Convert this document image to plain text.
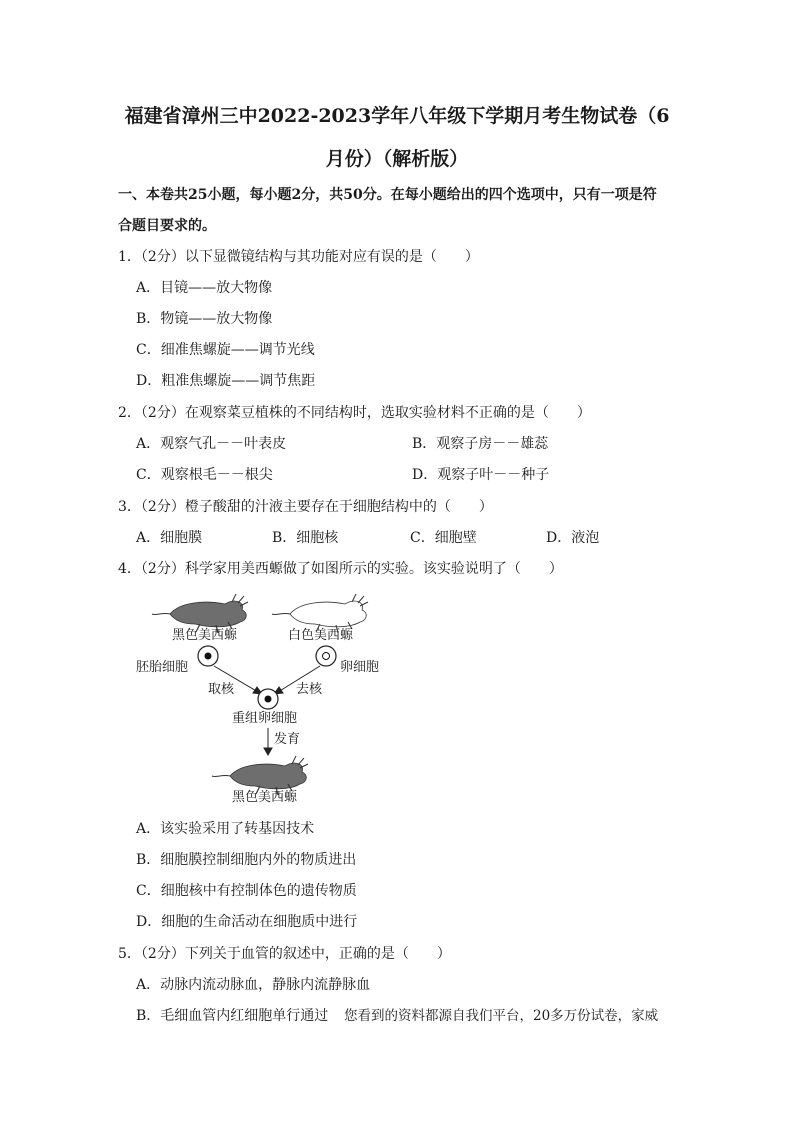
福建省漳州三中2022-2023学年八年级下学期月考生物试卷（6
月份）（解析版）
一、本卷共25小题，每小题2分，共50分。在每小题给出的四个选项中，只有一项是符
合题目要求的。
1．（2分）以下显微镜结构与其功能对应有误的是（　　）
A．目镜——放大物像
B．物镜——放大物像
C．细准焦螺旋——调节光线
D．粗准焦螺旋——调节焦距
2．（2分）在观察菜豆植株的不同结构时，选取实验材料不正确的是（　　）
A．观察气孔－－叶表皮	B．观察子房－－雄蕊
C．观察根毛－－根尖	D．观察子叶－－种子
3．（2分）橙子酸甜的汁液主要存在于细胞结构中的（　　）
A．细胞膜	B．细胞核	C．细胞壁	D．液泡
4．（2分）科学家用美西螈做了如图所示的实验。该实验说明了（　　）
黑色美西螈	白色美西螈
胚胎细胞	卵细胞
取核	去核
重组卵细胞
发育
黑色美西螈
A．该实验采用了转基因技术
B．细胞膜控制细胞内外的物质进出
C．细胞核中有控制体色的遗传物质
D．细胞的生命活动在细胞质中进行
5．（2分）下列关于血管的叙述中，正确的是（　　）
A．动脉内流动脉血，静脉内流静脉血
B．毛细血管内红细胞单行通过 您看到的资料都源自我们平台，20多万份试卷，家威
